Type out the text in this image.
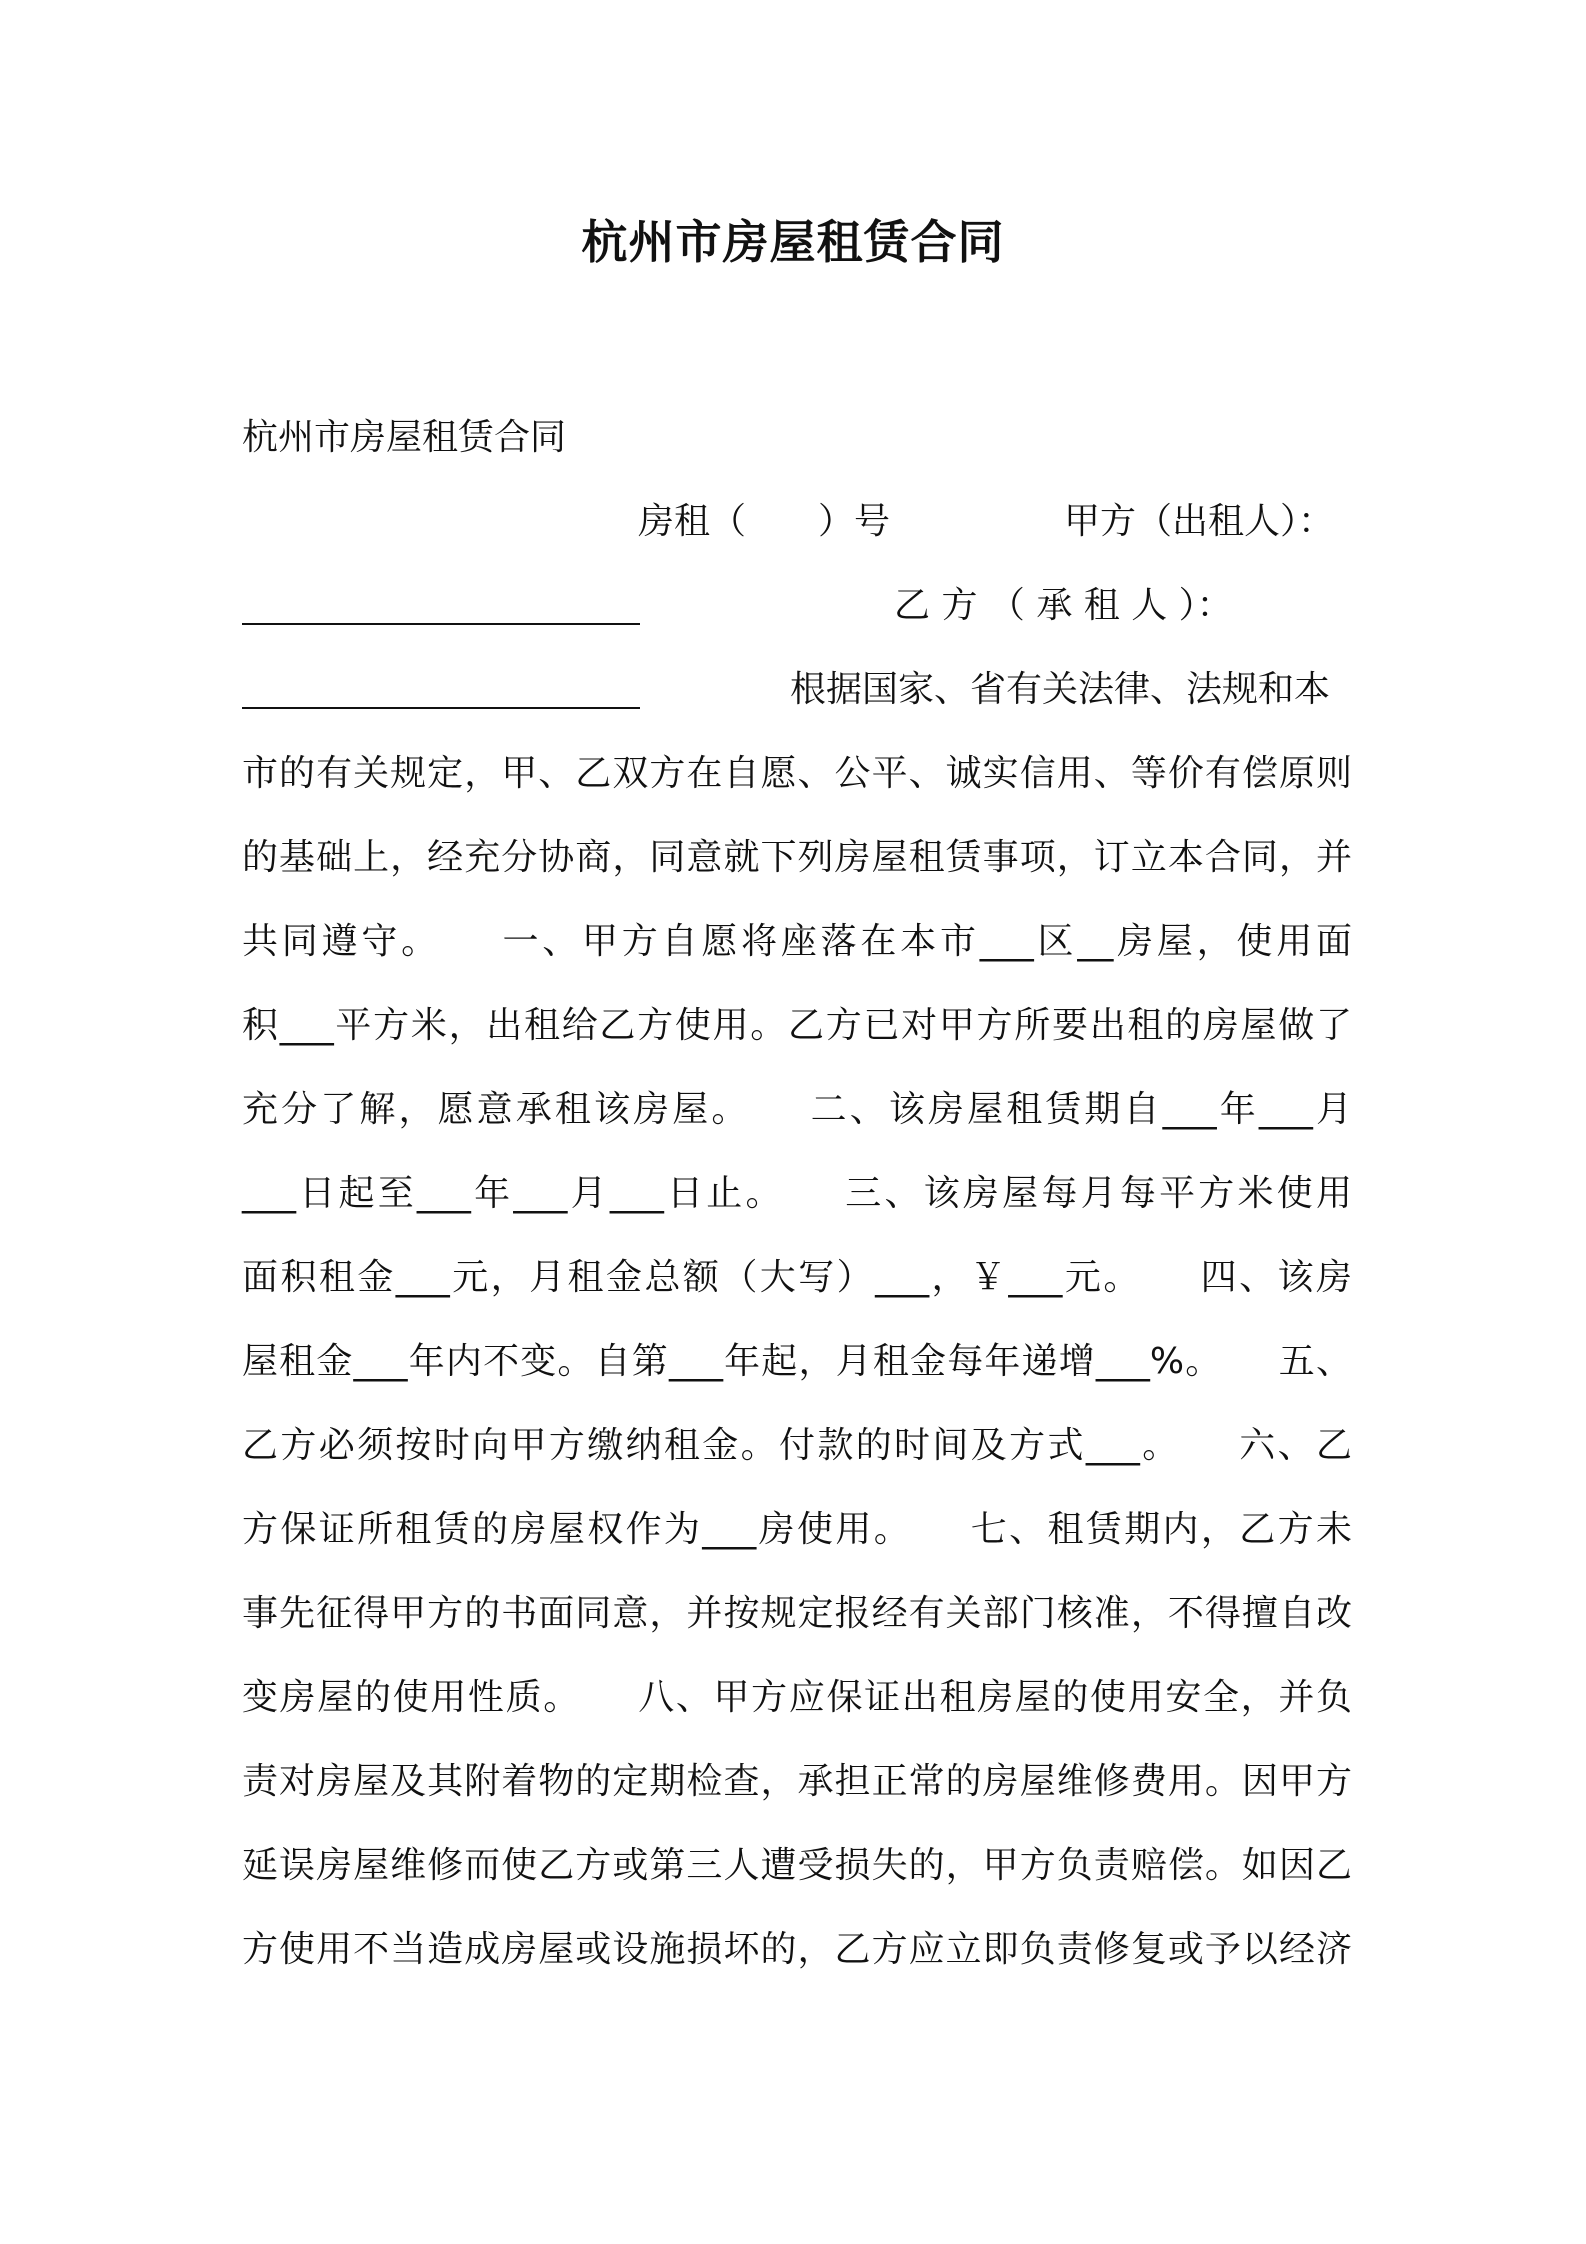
杭州市房屋租赁合同
杭州市房屋租赁合同
房租（　　）号	甲方（出租人）：
乙 方 （ 承 租 人 ）：
根据国家、省有关法律、法规和本
市的有关规定，甲、乙双方在自愿、公平、诚实信用、等价有偿原则
的基础上，经充分协商，同意就下列房屋租赁事项，订立本合同，并
共同遵守。　　一、甲方自愿将座落在本市___区__房屋，使用面
积___平方米，出租给乙方使用。乙方已对甲方所要出租的房屋做了
充分了解，愿意承租该房屋。　　二、该房屋租赁期自___年___月
___日起至___年___月___日止。　　三、该房屋每月每平方米使用
面积租金___元，月租金总额（大写）___，￥___元。　　四、该房
屋租金___年内不变。自第___年起，月租金每年递增___%。　　五、
乙方必须按时向甲方缴纳租金。付款的时间及方式___。　　六、乙
方保证所租赁的房屋权作为___房使用。　　七、租赁期内，乙方未
事先征得甲方的书面同意，并按规定报经有关部门核准，不得擅自改
变房屋的使用性质。　　八、甲方应保证出租房屋的使用安全，并负
责对房屋及其附着物的定期检查，承担正常的房屋维修费用。因甲方
延误房屋维修而使乙方或第三人遭受损失的，甲方负责赔偿。如因乙
方使用不当造成房屋或设施损坏的，乙方应立即负责修复或予以经济
